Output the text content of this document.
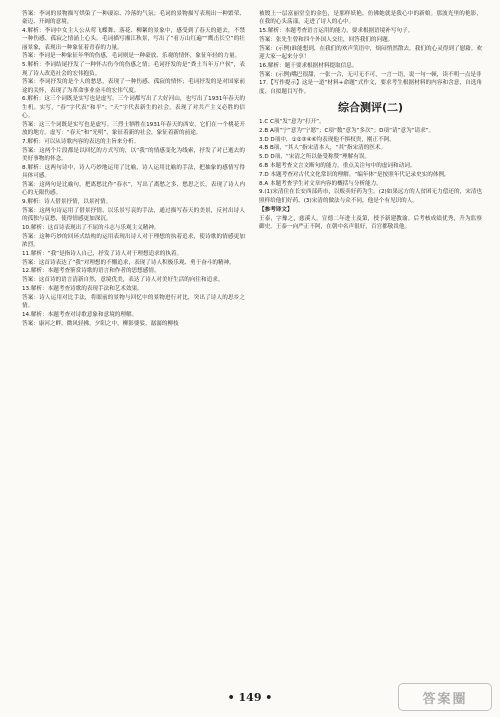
答案：李词的景物描写烘染了一种凄凉、冷落的气氛；毛词的景物描写表现出一种繁荣、豪迈、开阔的意境。

4.解析：李词中女主人公从莺飞蝶舞、落花、柳絮的景象中，感受到了春天的逝去，不禁一种伤感、孤寂之情涌上心头。毛词描写湘江秋景，写出了“看万山红遍”“鹰击长空”的壮丽景象，表现出一种象征着青春的力量。

答案：李词是一种象征年华的伤感，毛词则是一种豪放、乐观的情怀，象征年轻的力量。

5.解析：李词结尾抒发了一种怀古伤今的伤感之情；毛词抒发的是“粪土当年万户侯”，表现了诗人改造社会的宏伟抱负。

答案：李词抒发的是个人的愁思，表现了一种伤感、孤寂的情怀；毛词抒发的是对国家前途的关怀，表现了为革命事业奋斗的宏伟气度。

6.解析：这三个词既是实写也是虚写。三个词都写出了大好河山，也写出了1931年春天的生机。实写，“春”字代表“和平”；“天”字代表新生的社会，表现了对共产主义必胜的信心。

答案：这三个词既是实写也是虚写。三烈士牺牲在1931年春天的西安，它们在一个桃花开放的地方。虚写：“春天”和“光明”，象征着新的社会，象征着新的前途。

7.解析：可以从诗歌内容的表达的主旨来分析。

答案：这两个片段都是以回忆的方式写的，以“我”的情感变化为线索，抒发了对已逝去的美好事物的怀念。

8.解析：这两句诗中，诗人巧妙地运用了比喻，诗人运用比喻的手法，把抽象的感情写得具体可感。

答案：这两句是比喻句，把离愁比作“春水”，写出了离愁之多、愁思之长，表现了诗人内心的无限伤感。

9.解析：诗人借景抒情，以景衬情。

答案：这两句诗运用了借景抒情、以乐景写哀的手法，通过描写春天的美景，反衬出诗人的孤独与哀愁，使得情感更加深沉。

10.解析：这首诗表现出了不屈的斗志与乐观主义精神。

答案：这种巧妙的回环式结构的运用表现出诗人对于理想的执着追求，使诗歌的情感更加浓烈。

11.解析：“我”是指诗人自己，抒发了诗人对于理想追求的执着。

答案：这首诗表达了“我”对理想的不懈追求，表现了诗人积极乐观、勇于奋斗的精神。

12.解析：本题考查鉴赏诗歌的语言和作者的思想感情。

答案：这首诗的语言清新自然，意境优美，表达了诗人对美好生活的向往和追求。

13.解析：本题考查诗歌的表现手法和艺术效果。

答案：诗人运用对比手法，将眼前的景物与回忆中的景物进行对比，突出了诗人的思乡之情。

14.解析：本题考查对诗歌意象和意境的理解。

答案：康河之畔，微风轻拂，夕阳之中，柳影婆娑，潺潺的柳枝

被镀上一层富丽堂皇的金色，是那样妖艳，仿佛她就是我心中的新娘。那波光里的艳影，在我的心头荡漾，走进了诗人的心中。

15.解析：本题考查语言运用的能力，要求根据语境补写句子。

答案：张先生曾和四个外国人交往，回答我们的问题。

答案：(示例)谁能想到，在我们的欢声笑语中，烦闷悄然散去，我们的心灵得到了慰藉。欢迎大家一起来分享！

16.解析：题干要求根据材料提取信息。

答案：(示例)嘴巴很甜，一张一合，无可无不可，一言一语，说一句一顿，读不明一点是非

17.【写作提示】这是一道“材料+命题”式作文，要求考生根据材料的内容和含意，自选角度、自拟题目写作。

综合测评(二)

1.C C项“发”意为“打开”。

2.B A项“宁”意为“宁愿”；C项“数”意为“多次”；D项“请”意为“请求”。

3.D D项中，①②③④⑥均表现他不惧权贵，刚正不阿。

4.B B项，“其人”指宋清本人，“其”指宋清的医术。

5.D D项，“宋清之所以备受称赞”理解有误。

6.B 本题考查文言文断句的能力，重点关注句中的虚词和动词。

7.D 本题考查对古代文化常识的理解。“编年体”是按照年代记录史实的体例。

8.A 本题考查学生对文章内容的概括与分析能力。

9.(1)宋清住在长安西部药市，以贩卖好药为生。(2)如果远方的人贫困无力偿还的，宋清也照样给他们好药。(3)宋清的做法与众不同，他是个有见识的人。

【参考译文】

王泰，字豫之，慈溪人。宣德二年进士及第，授予新建教谕。后考核成绩优秀，升为监察御史。王泰一向严正不阿，在朝中名声很好，百官都敬畏他。

• 149 •	答案圈
